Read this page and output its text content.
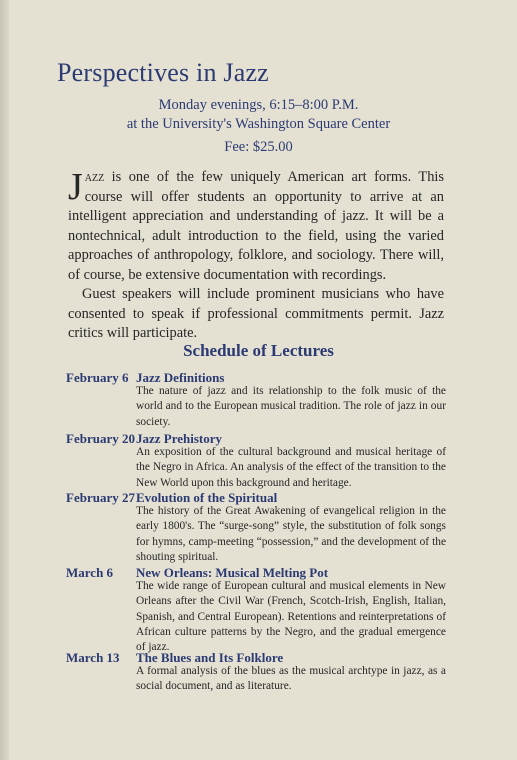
Perspectives in Jazz
Monday evenings, 6:15–8:00 P.M.
at the University's Washington Square Center
Fee: $25.00

Jazz is one of the few uniquely American art forms. This course will offer students an opportunity to arrive at an intelligent appreciation and understanding of jazz. It will be a nontechnical, adult introduction to the field, using the varied approaches of anthropology, folklore, and sociology. There will, of course, be extensive documentation with recordings.

Guest speakers will include prominent musicians who have consented to speak if professional commitments permit. Jazz critics will participate.

Schedule of Lectures
February 6 Jazz Definitions
The nature of jazz and its relationship to the folk music of the world and to the European musical tradition. The role of jazz in our society.
February 20 Jazz Prehistory
An exposition of the cultural background and musical heritage of the Negro in Africa. An analysis of the effect of the transition to the New World upon this background and heritage.
February 27 Evolution of the Spiritual
The history of the Great Awakening of evangelical religion in the early 1800's. The “surge-song” style, the substitution of folk songs for hymns, camp-meeting “possession,” and the development of the shouting spiritual.
March 6	New Orleans: Musical Melting Pot
The wide range of European cultural and musical elements in New Orleans after the Civil War (French, Scotch-Irish, English, Italian, Spanish, and Central European). Retentions and reinterpretations of African culture patterns by the Negro, and the gradual emergence of jazz.
March 13	The Blues and Its Folklore
A formal analysis of the blues as the musical archtype in jazz, as a social document, and as literature.
